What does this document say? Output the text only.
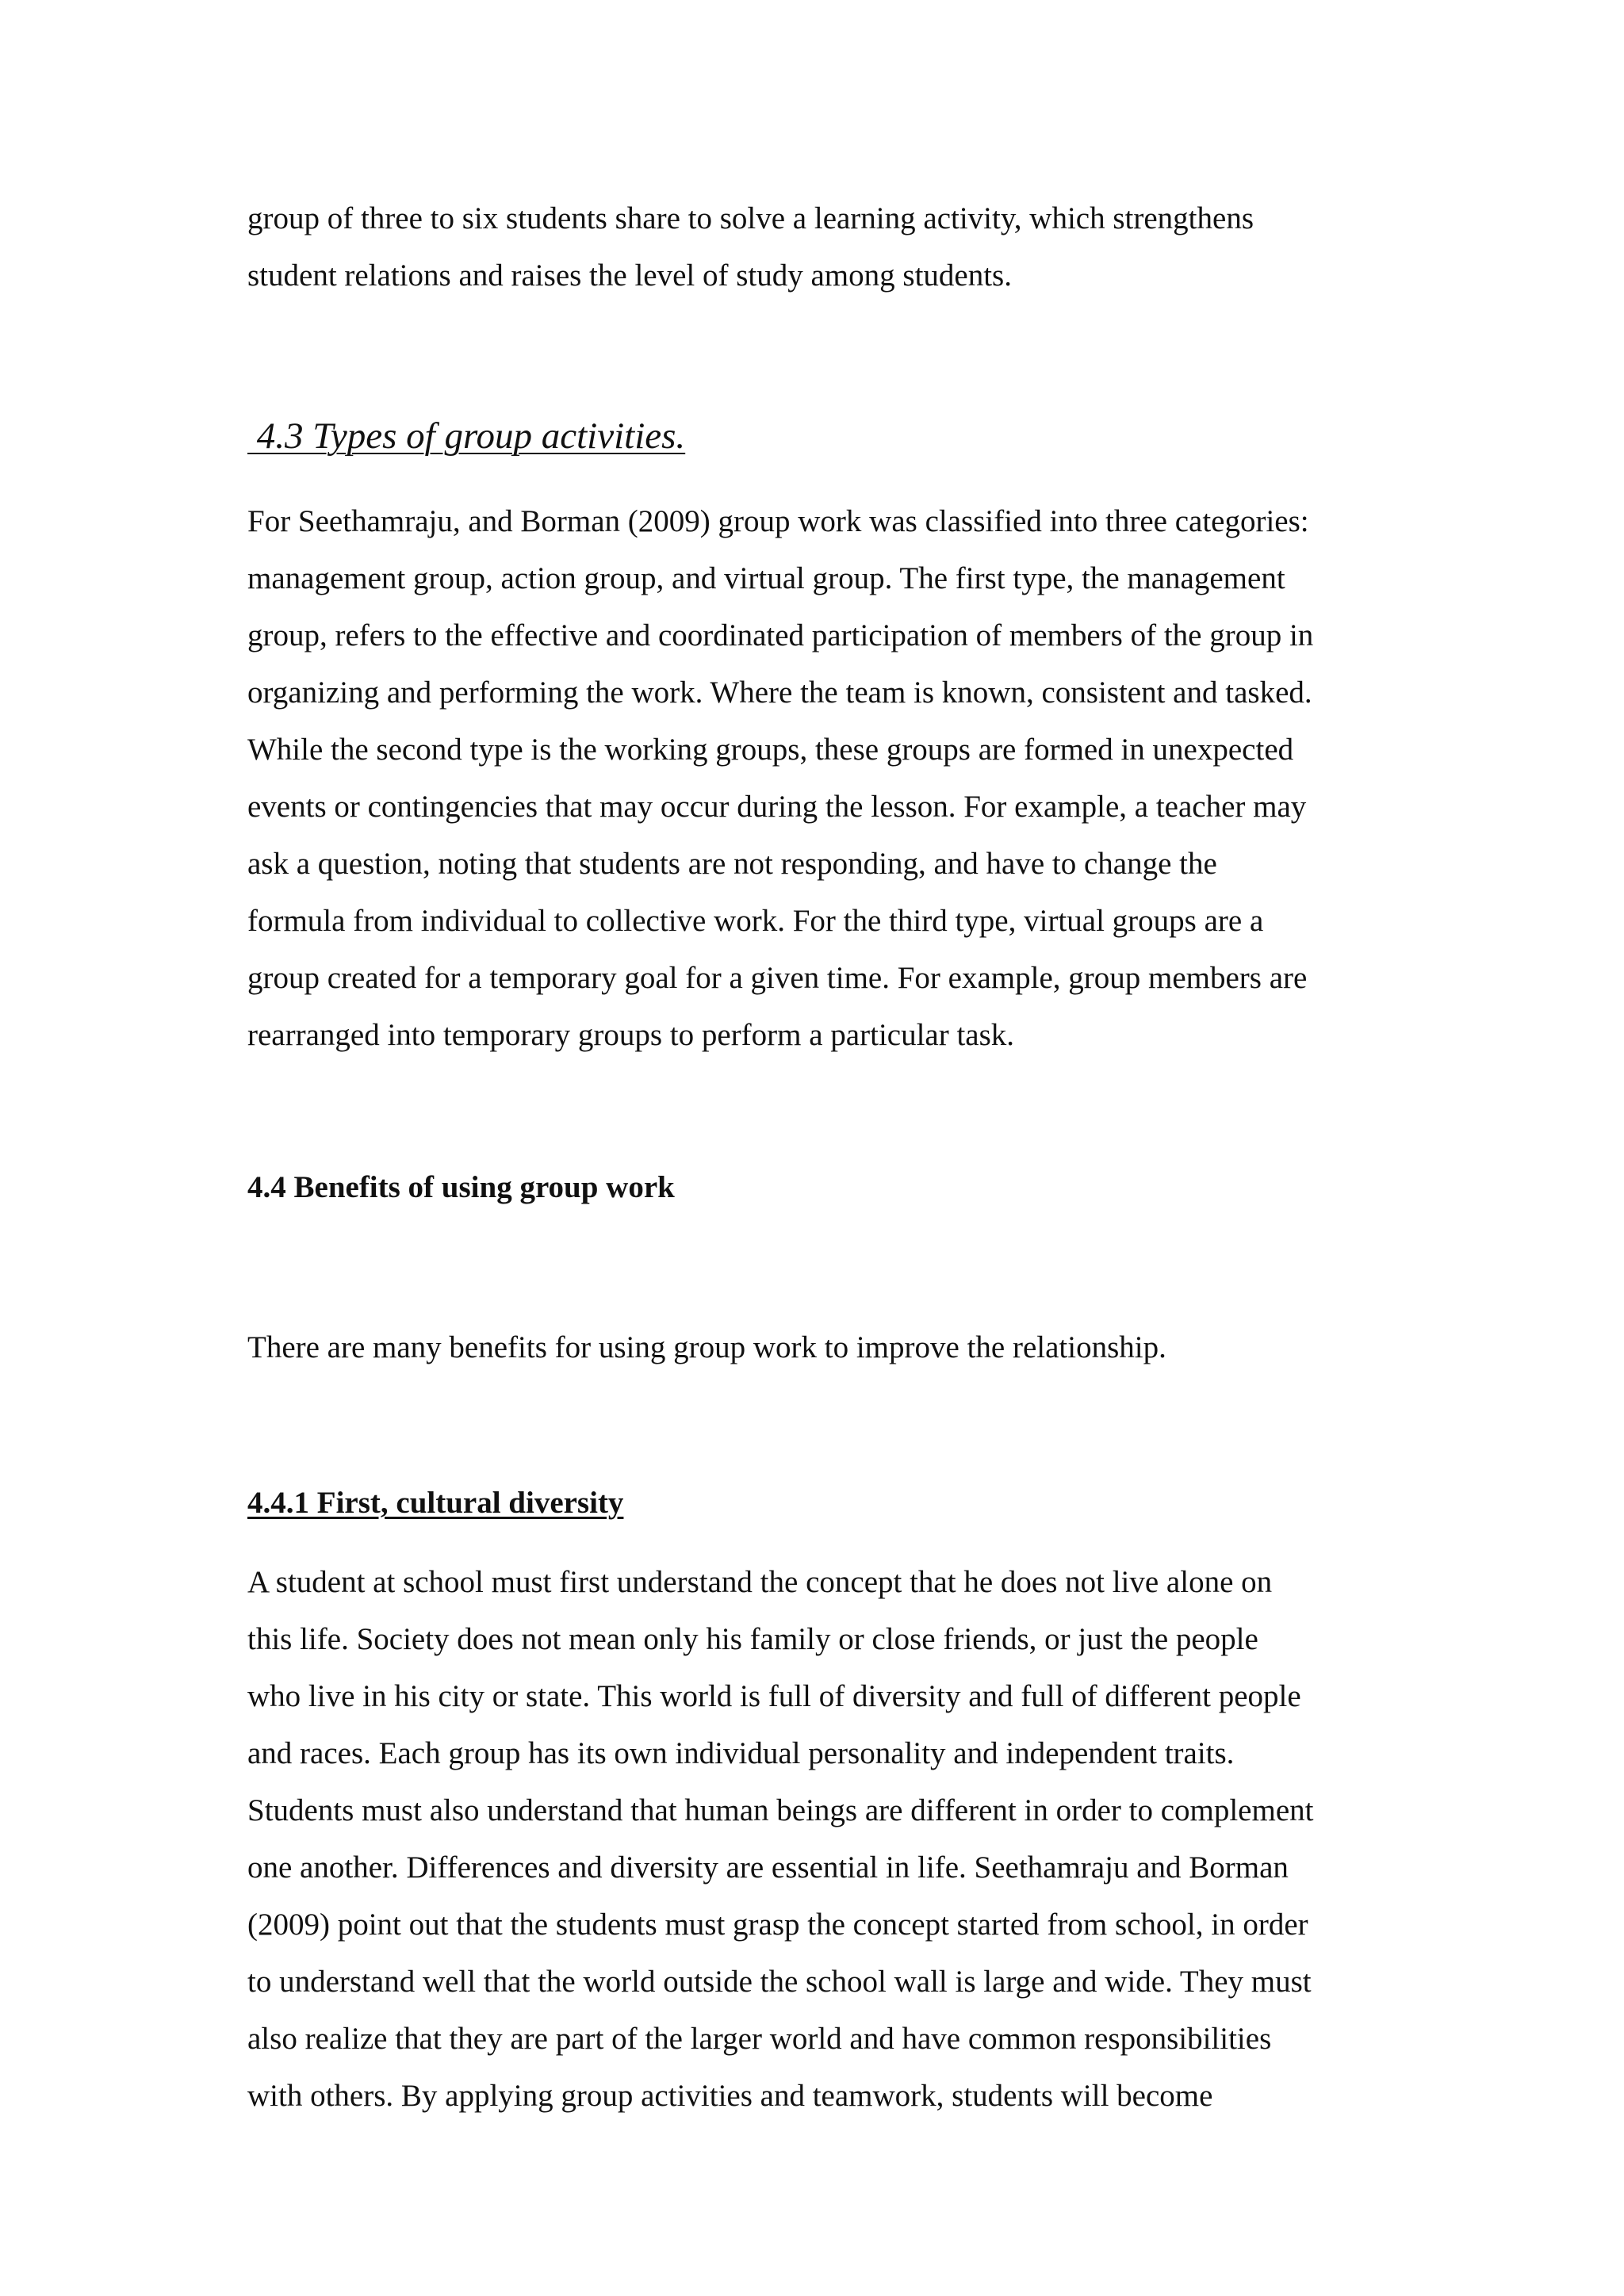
group of three to six students share to solve a learning activity, which strengthens
student relations and raises the level of study among students.
4.3 Types of group activities.
For Seethamraju, and Borman (2009) group work was classified into three categories:
management group, action group, and virtual group. The first type, the management
group, refers to the effective and coordinated participation of members of the group in
organizing and performing the work. Where the team is known, consistent and tasked.
While the second type is the working groups, these groups are formed in unexpected
events or contingencies that may occur during the lesson. For example, a teacher may
ask a question, noting that students are not responding, and have to change the
formula from individual to collective work. For the third type, virtual groups are a
group created for a temporary goal for a given time. For example, group members are
rearranged into temporary groups to perform a particular task.
4.4 Benefits of using group work
There are many benefits for using group work to improve the relationship.
4.4.1 First, cultural diversity
A student at school must first understand the concept that he does not live alone on
this life. Society does not mean only his family or close friends, or just the people
who live in his city or state. This world is full of diversity and full of different people
and races. Each group has its own individual personality and independent traits.
Students must also understand that human beings are different in order to complement
one another. Differences and diversity are essential in life. Seethamraju and Borman
(2009) point out that the students must grasp the concept started from school, in order
to understand well that the world outside the school wall is large and wide. They must
also realize that they are part of the larger world and have common responsibilities
with others. By applying group activities and teamwork, students will become
